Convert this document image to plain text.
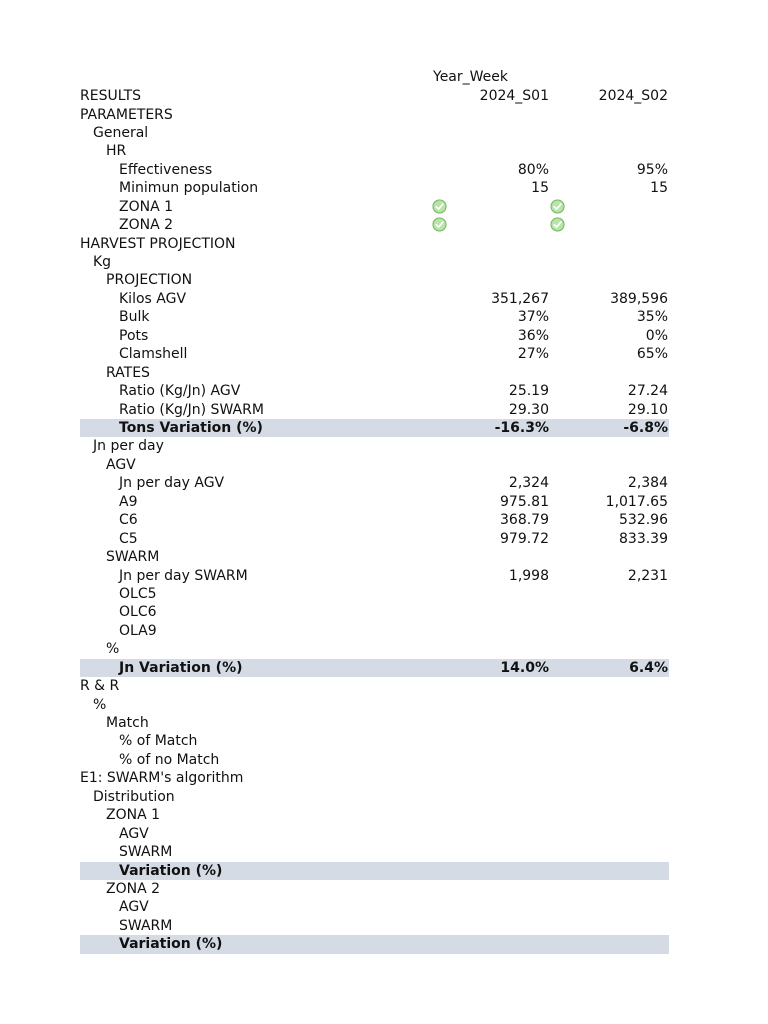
Year_Week
RESULTS	2024_S01	2024_S02
PARAMETERS
General
HR
Effectiveness	80%	95%
Minimun population	15	15
ZONA 1
ZONA 2
HARVEST PROJECTION
Kg
PROJECTION
Kilos AGV	351,267	389,596
Bulk	37%	35%
Pots	36%	0%
Clamshell	27%	65%
RATES
Ratio (Kg/Jn) AGV	25.19	27.24
Ratio (Kg/Jn) SWARM	29.30	29.10
Tons Variation (%)	-16.3%	-6.8%
Jn per day
AGV
Jn per day AGV	2,324	2,384
A9	975.81	1,017.65
C6	368.79	532.96
C5	979.72	833.39
SWARM
Jn per day SWARM	1,998	2,231
OLC5
OLC6
OLA9
%
Jn Variation (%)	14.0%	6.4%
R & R
%
Match
% of Match
% of no Match
E1: SWARM's algorithm
Distribution
ZONA 1
AGV
SWARM
Variation (%)
ZONA 2
AGV
SWARM
Variation (%)
